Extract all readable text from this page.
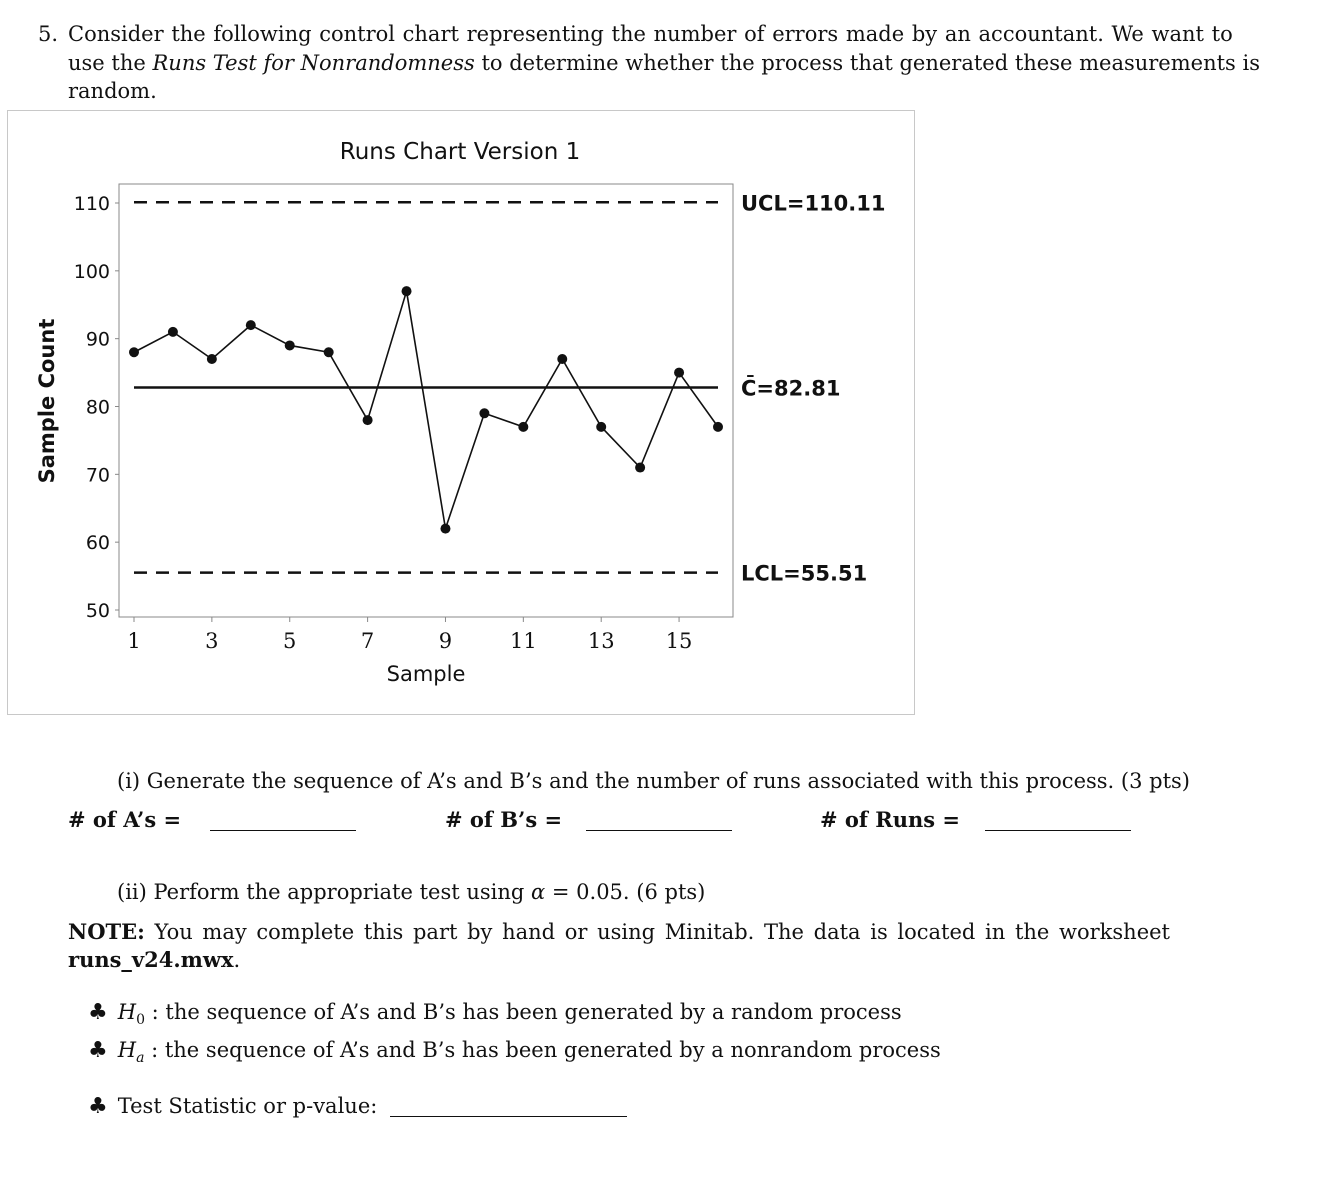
5. Consider the following control chart representing the number of errors made by an accountant. We want to
use the Runs Test for Nonrandomness to determine whether the process that generated these measurements is
random.
Runs Chart Version 1
50
60
70
80
90
100
110
1	3	5	7	9	11 13 15
UCL=110.11
C̄=82.81
LCL=55.51
Sample
Sample Count
(i) Generate the sequence of A’s and B’s and the number of runs associated with this process. (3 pts)
# of A’s =	# of B’s =	# of Runs =
(ii) Perform the appropriate test using α = 0.05. (6 pts)
NOTE: You may complete this part by hand or using Minitab. The data is located in the worksheet
runs_v24.mwx.
♣ $H_0$ : the sequence of A’s and B’s has been generated by a random process
♣ $H_a$ : the sequence of A’s and B’s has been generated by a nonrandom process
♣ Test Statistic or p-value:
